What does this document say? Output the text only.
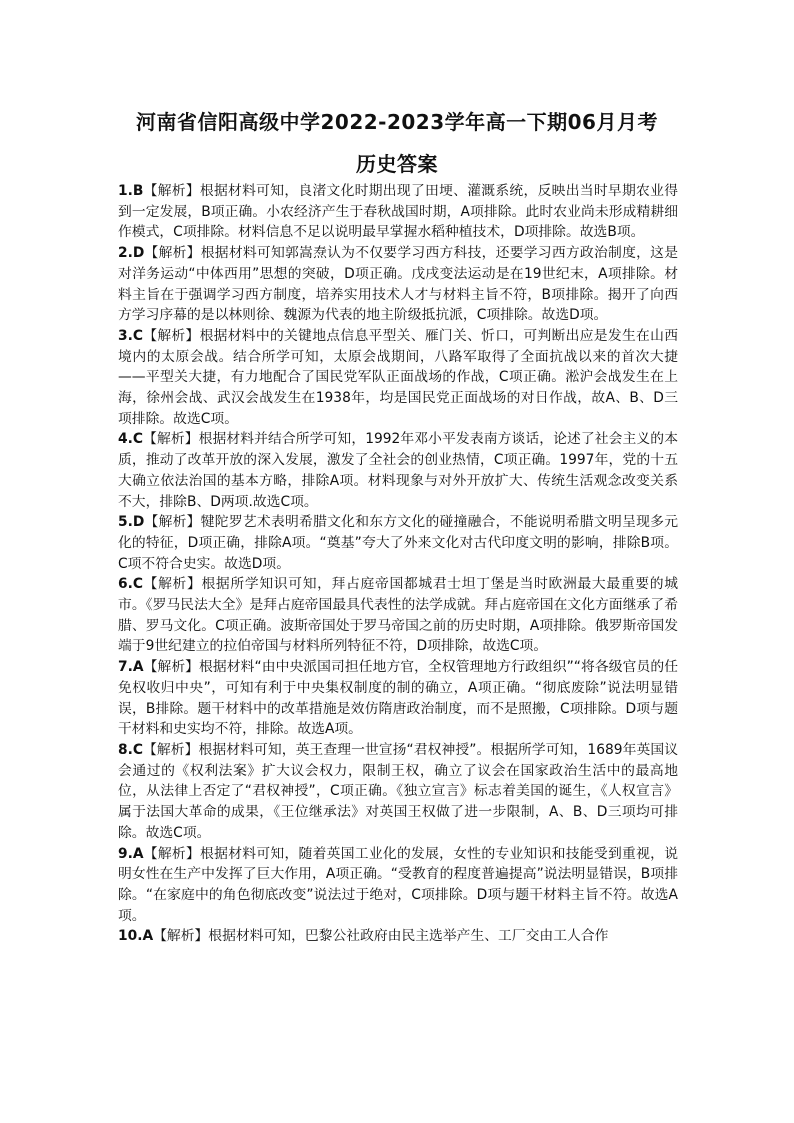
河南省信阳高级中学2022-2023学年高一下期06月月考
历史答案

1.B【解析】根据材料可知，良渚文化时期出现了田埂、灌溉系统，反映出当时早期农业得到一定发展，B项正确。小农经济产生于春秋战国时期，A项排除。此时农业尚未形成精耕细作模式，C项排除。材料信息不足以说明最早掌握水稻种植技术，D项排除。故选B项。

2.D【解析】根据材料可知郭嵩焘认为不仅要学习西方科技，还要学习西方政治制度，这是对洋务运动“中体西用”思想的突破，D项正确。戊戌变法运动是在19世纪末，A项排除。材料主旨在于强调学习西方制度，培养实用技术人才与材料主旨不符，B项排除。揭开了向西方学习序幕的是以林则徐、魏源为代表的地主阶级抵抗派，C项排除。故选D项。

3.C【解析】根据材料中的关键地点信息平型关、雁门关、忻口，可判断出应是发生在山西境内的太原会战。结合所学可知，太原会战期间，八路军取得了全面抗战以来的首次大捷——平型关大捷，有力地配合了国民党军队正面战场的作战，C项正确。淞沪会战发生在上海，徐州会战、武汉会战发生在1938年，均是国民党正面战场的对日作战，故A、B、D三项排除。故选C项。

4.C【解析】根据材料并结合所学可知，1992年邓小平发表南方谈话，论述了社会主义的本质，推动了改革开放的深入发展，激发了全社会的创业热情，C项正确。1997年，党的十五大确立依法治国的基本方略，排除A项。材料现象与对外开放扩大、传统生活观念改变关系不大，排除B、D两项.故选C项。

5.D【解析】犍陀罗艺术表明希腊文化和东方文化的碰撞融合，不能说明希腊文明呈现多元化的特征，D项正确，排除A项。“奠基”夸大了外来文化对古代印度文明的影响，排除B项。C项不符合史实。故选D项。

6.C【解析】根据所学知识可知，拜占庭帝国都城君士坦丁堡是当时欧洲最大最重要的城市。《罗马民法大全》是拜占庭帝国最具代表性的法学成就。拜占庭帝国在文化方面继承了希腊、罗马文化。C项正确。波斯帝国处于罗马帝国之前的历史时期，A项排除。俄罗斯帝国发端于9世纪建立的拉伯帝国与材料所列特征不符，D项排除，故选C项。

7.A【解析】根据材料“由中央派国司担任地方官，全权管理地方行政组织”“将各级官员的任免权收归中央”，可知有利于中央集权制度的制的确立，A项正确。“彻底废除”说法明显错误，B排除。题干材料中的改革措施是效仿隋唐政治制度，而不是照搬，C项排除。D项与题干材料和史实均不符，排除。故选A项。

8.C【解析】根据材料可知，英王查理一世宣扬“君权神授”。根据所学可知，1689年英国议会通过的《权利法案》扩大议会权力，限制王权，确立了议会在国家政治生活中的最高地位，从法律上否定了“君权神授”，C项正确。《独立宣言》标志着美国的诞生，《人权宣言》属于法国大革命的成果，《王位继承法》对英国王权做了进一步限制，A、B、D三项均可排除。故选C项。

9.A【解析】根据材料可知，随着英国工业化的发展，女性的专业知识和技能受到重视，说明女性在生产中发挥了巨大作用，A项正确。“受教育的程度普遍提高”说法明显错误，B项排除。“在家庭中的角色彻底改变”说法过于绝对，C项排除。D项与题干材料主旨不符。故选A项。

10.A【解析】根据材料可知，巴黎公社政府由民主选举产生、工厂交由工人合作
